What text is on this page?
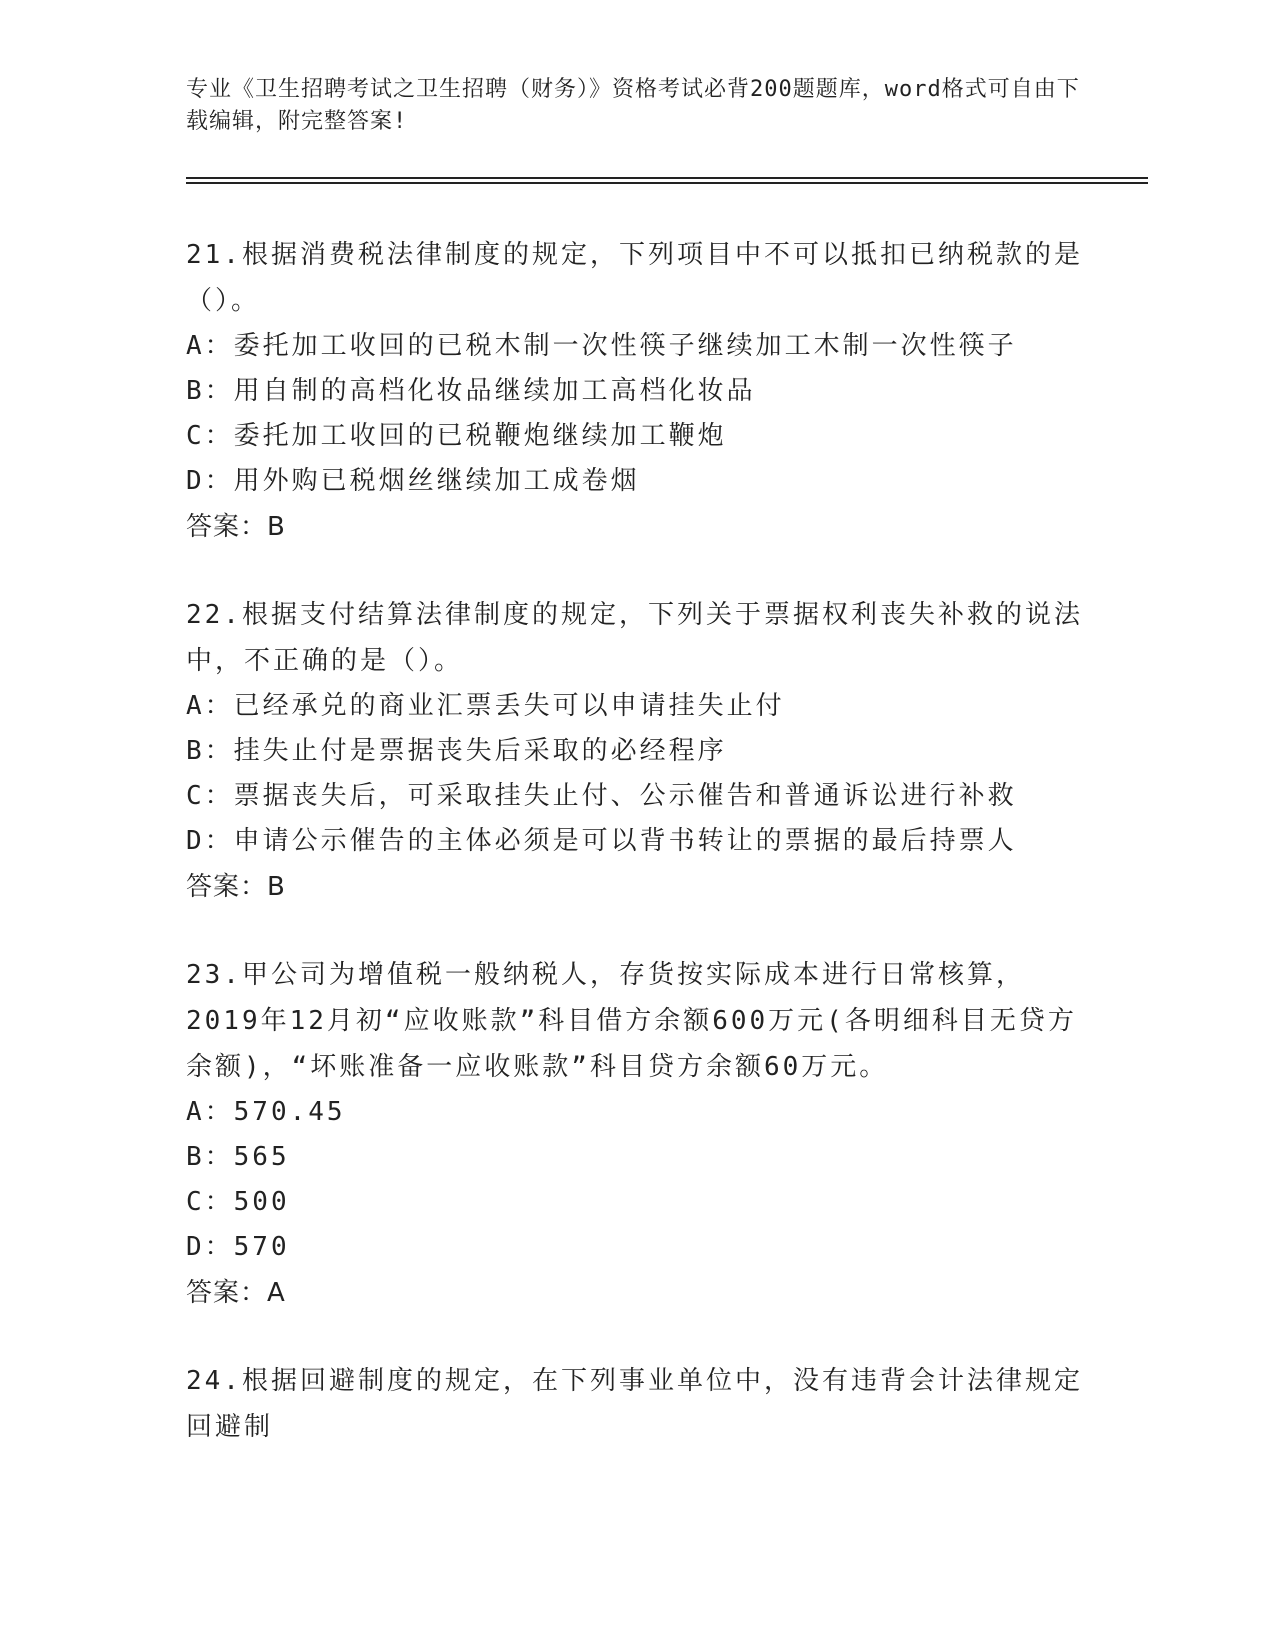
专业《卫生招聘考试之卫生招聘（财务）》资格考试必背200题题库，word格式可自由下载编辑，附完整答案!

21.根据消费税法律制度的规定，下列项目中不可以抵扣已纳税款的是（）。

A：委托加工收回的已税木制一次性筷子继续加工木制一次性筷子

B：用自制的高档化妆品继续加工高档化妆品

C：委托加工收回的已税鞭炮继续加工鞭炮

D：用外购已税烟丝继续加工成卷烟

答案：B

22.根据支付结算法律制度的规定，下列关于票据权利丧失补救的说法中，不正确的是（）。

A：已经承兑的商业汇票丢失可以申请挂失止付

B：挂失止付是票据丧失后采取的必经程序

C：票据丧失后，可采取挂失止付、公示催告和普通诉讼进行补救

D：申请公示催告的主体必须是可以背书转让的票据的最后持票人

答案：B

23.甲公司为增值税一般纳税人，存货按实际成本进行日常核算，2019年12月初“应收账款”科目借方余额600万元(各明细科目无贷方余额)，“坏账准备一应收账款”科目贷方余额60万元。

A：570.45

B：565

C：500

D：570

答案：A

24.根据回避制度的规定，在下列事业单位中，没有违背会计法律规定回避制
